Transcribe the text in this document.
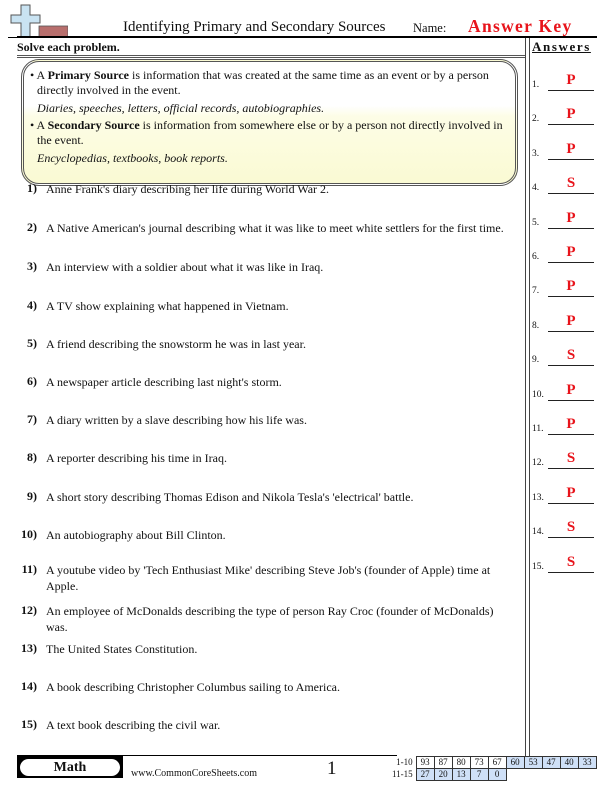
Identifying Primary and Secondary Sources Name: Answer Key
Solve each problem.	Answers
• A Primary Source is information that was created at the same time as an event or by a person
directly involved in the event.
Diaries, speeches, letters, official records, autobiographies.
• A Secondary Source is information from somewhere else or by a person not directly involved in
the event.
Encyclopedias, textbooks, book reports.
1) Anne Frank's diary describing her life during World War 2.
2) A Native American's journal describing what it was like to meet white settlers for the first time.
3) An interview with a soldier about what it was like in Iraq.
4) A TV show explaining what happened in Vietnam.
5) A friend describing the snowstorm he was in last year.
6) A newspaper article describing last night's storm.
7) A diary written by a slave describing how his life was.
8) A reporter describing his time in Iraq.
9) A short story describing Thomas Edison and Nikola Tesla's 'electrical' battle.
10) An autobiography about Bill Clinton.
11) A youtube video by 'Tech Enthusiast Mike' describing Steve Job's (founder of Apple) time at Apple.
12) An employee of McDonalds describing the type of person Ray Croc (founder of McDonalds) was.
13) The United States Constitution.
14) A book describing Christopher Columbus sailing to America.
15) A text book describing the civil war.
1.	P
2.	P
3.	P
4.	S
5.	P
6.	P
7.	P
8.	P
9.	S
10.	P
11.	P
12.	S
13.	P
14.	S
15.	S
Math	www.CommonCoreSheets.com	1	1-10	93	87	80	73	67	60	53	47	40	33
11-15	27	20	13	7	0					
